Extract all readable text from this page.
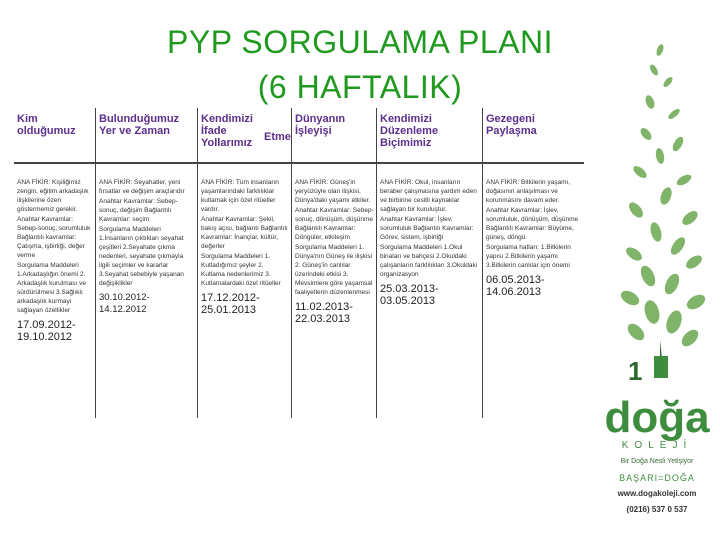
PYP SORGULAMA PLANI
(6 HAFTALIK)
Kim olduğumuz
Bulunduğumuz Yer ve Zaman
Kendimizi İfade Yollarımız Etme
Dünyanın İşleyişi
Kendimizi Düzenleme Biçimimiz
Gezegeni Paylaşma

ANA FİKİR: Kişiliğimiz zengin, eğitim arkadaşlık ilişkilerine özen göstermemiz gerekir.

Anahtar Kavramlar: Sebep-sonuç, sorumluluk Bağlantılı kavramlar: Çatışma, işbirliği, değer verme

Sorgulama Maddeleri 1.Arkadaşlığın önemi 2. Arkadaşlık kurulması ve sürdürülmesi 3.Sağlıklı arkadaşlık kurmayı sağlayan özellikler

17.09.2012-
19.10.2012

ANA FİKİR: Seyahatler, yeni fırsatlar ve değişim araçlarıdır

Anahtar Kavramlar: Sebep-sonuç, değişim Bağlantılı Kavramlar: seçim

Sorgulama Maddeleri 1.İnsanların çıktıkları seyahat çeşitleri 2.Seyahate çıkma nedenleri, seyahate çıkmayla ilgili seçimler ve kararlar 3.Seyahat sebebiyle yaşanan değişiklikler

30.10.2012-14.12.2012

ANA FİKİR: Tüm insanların yaşamlarındaki farklılıklar kutlamak için özel ritüeller vardır.

Anahtar Kavramlar: Şekil, bakış açısı, bağlantı Bağlantılı Kavramlar: İnançlar, kültür, değerler

Sorgulama Maddeleri 1. Kutladığımız şeyler 2. Kutlama nedenlerimiz 3. Kutlamalardaki özel ritüeller

17.12.2012-
25.01.2013

ANA FİKİR: Güneş'in yeryüzüyle olan ilişkisi, Dünya'daki yaşamı etkiler.

Anahtar Kavramlar: Sebep-sonuç, dönüşüm, düşünme Bağlantılı Kavramlar: Döngüler, etkileşim

Sorgulama Maddeleri 1. Dünya'nın Güneş ile ilişkisi 2. Güneş'in canlılar üzerindeki etkisi 3. Mevsimlere göre yaşamsal faaliyetlerin düzenlenmesi

11.02.2013-
22.03.2013

ANA FİKİR: Okul, insanların beraber çalışmasına yardım eden ve birbirine cesitli kaynaklar sağlayan bir kuruluştur.

Anahtar Kavramlar: İşlev, sorumluluk Bağlantılı Kavramlar: Görev, sistem, işbirliği

Sorgulama Maddeleri 1.Okul binaları ve bahçesi 2.Okuldaki çalışanların farklılıkları 3.Okuldaki organizasyon

25.03.2013-
03.05.2013

ANA FİKİR: Bitkilerin yaşamı, doğasının anlaşılması ve korunmasını davam eder.

Anahtar Kavramlar: İşlev, sorumluluk, dönüşüm, düşünme Bağlantılı Kavramlar: Büyüme, güneş, döngü

Sorgulama hatları: 1.Bitkilerin yapısı 2.Bitkilerin yaşamı 3.Bitkilerin canlılar için önemi

06.05.2013-
14.06.2013
1
doğa
KOLEJİ
Bir Doğa Nesli Yetişiyor
BAŞARI=DOĞA
www.dogakoleji.com
(0216) 537 0 537
